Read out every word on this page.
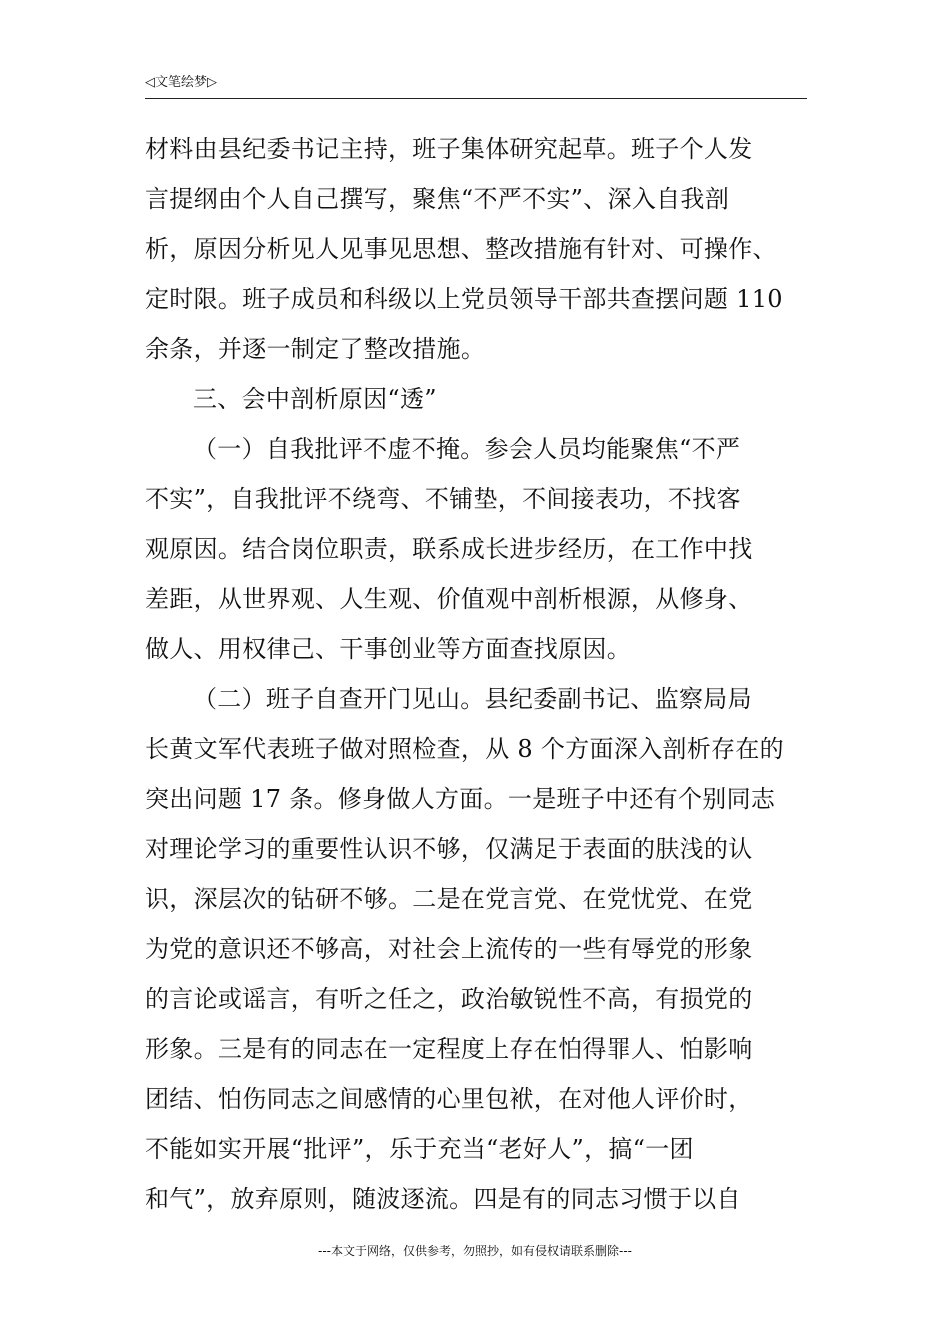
◁文笔绘梦▷
材料由县纪委书记主持，班子集体研究起草。班子个人发
言提纲由个人自己撰写，聚焦“不严不实”、深入自我剖
析，原因分析见人见事见思想、整改措施有针对、可操作、
定时限。班子成员和科级以上党员领导干部共查摆问题 110
余条，并逐一制定了整改措施。
三、会中剖析原因“透”
（一）自我批评不虚不掩。参会人员均能聚焦“不严
不实”，自我批评不绕弯、不铺垫，不间接表功，不找客
观原因。结合岗位职责，联系成长进步经历，在工作中找
差距，从世界观、人生观、价值观中剖析根源，从修身、
做人、用权律己、干事创业等方面查找原因。
（二）班子自查开门见山。县纪委副书记、监察局局
长黄文军代表班子做对照检查，从 8 个方面深入剖析存在的
突出问题 17 条。修身做人方面。一是班子中还有个别同志
对理论学习的重要性认识不够，仅满足于表面的肤浅的认
识，深层次的钻研不够。二是在党言党、在党忧党、在党
为党的意识还不够高，对社会上流传的一些有辱党的形象
的言论或谣言，有听之任之，政治敏锐性不高，有损党的
形象。三是有的同志在一定程度上存在怕得罪人、怕影响
团结、怕伤同志之间感情的心里包袱，在对他人评价时，
不能如实开展“批评”，乐于充当“老好人”，搞“一团
和气”，放弃原则，随波逐流。四是有的同志习惯于以自
---本文于网络，仅供参考，勿照抄，如有侵权请联系删除---
